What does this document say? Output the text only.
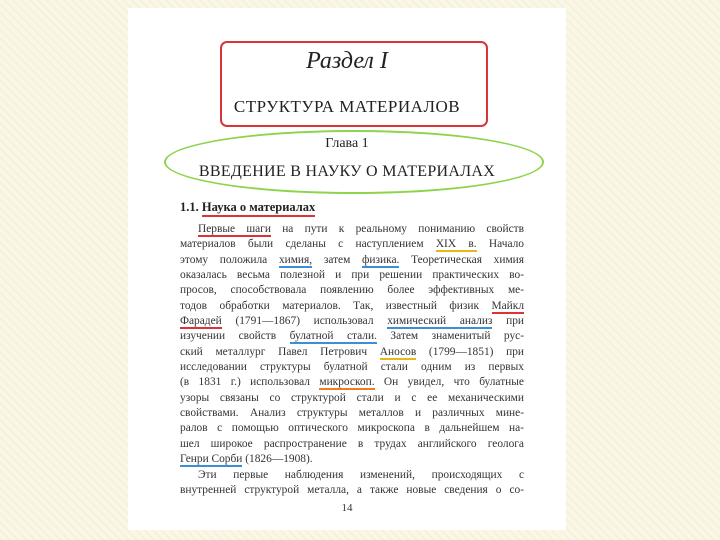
Раздел I
СТРУКТУРА МАТЕРИАЛОВ
Глава 1
ВВЕДЕНИЕ В НАУКУ О МАТЕРИАЛАХ
1.1. Наука о материалах
Первые шаги на пути к реальному пониманию свойств
материалов были сделаны с наступлением XIX в. Начало
этому положила химия, затем физика. Теоретическая химия
оказалась весьма полезной и при решении практических во-
просов, способствовала появлению более эффективных ме-
тодов обработки материалов. Так, известный физик Майкл
Фарадей (1791—1867) использовал химический анализ при
изучении свойств булатной стали. Затем знаменитый рус-
ский металлург Павел Петрович Аносов (1799—1851) при
исследовании структуры булатной стали одним из первых
(в 1831 г.) использовал микроскоп. Он увидел, что булатные
узоры связаны со структурой стали и с ее механическими
свойствами. Анализ структуры металлов и различных мине-
ралов с помощью оптического микроскопа в дальнейшем на-
шел широкое распространение в трудах английского геолога
Генри Сорби (1826—1908).
Эти первые наблюдения изменений, происходящих с
внутренней структурой металла, а также новые сведения о со-
14
